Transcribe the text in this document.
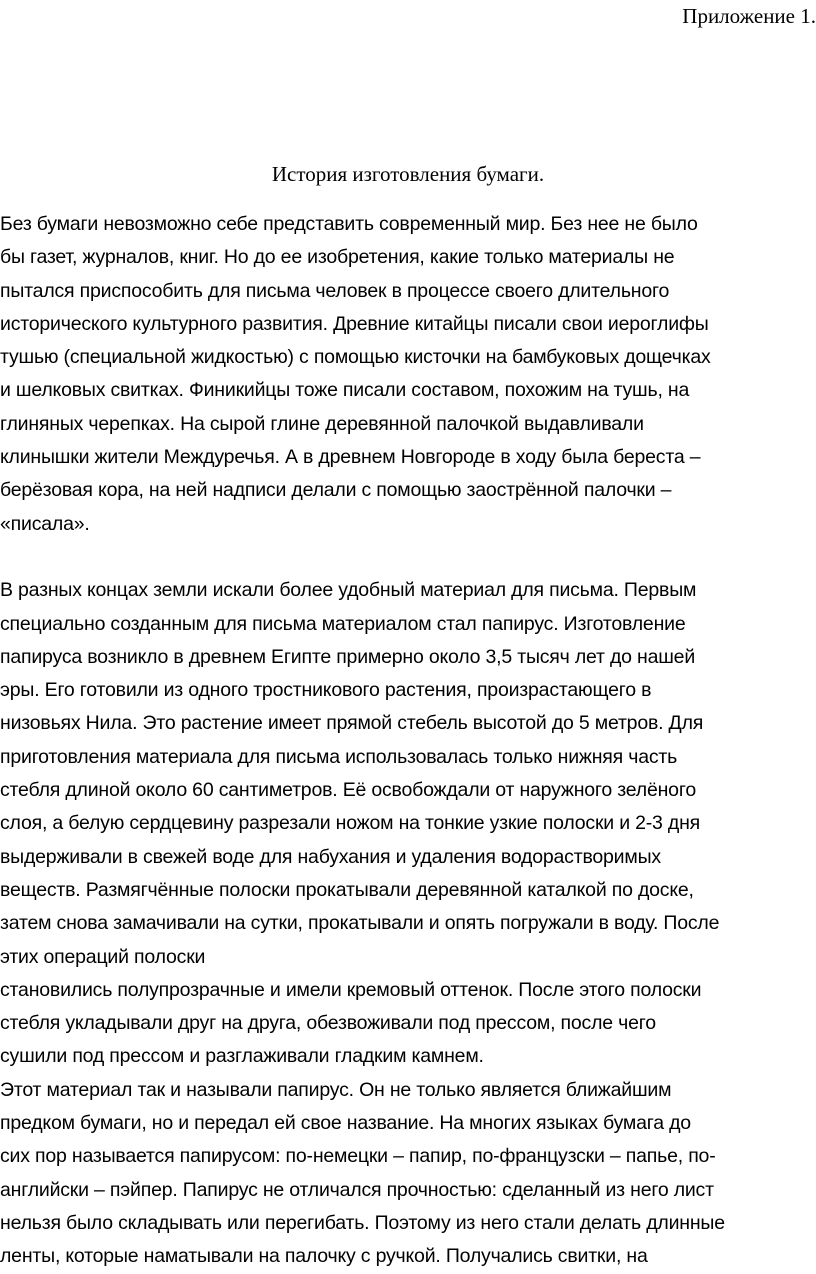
Приложение 1.
История изготовления бумаги.
Без бумаги невозможно себе представить современный мир. Без нее не было
бы газет, журналов, книг. Но до ее изобретения, какие только материалы не
пытался приспособить для письма человек в процессе своего длительного
исторического культурного развития. Древние китайцы писали свои иероглифы
тушью (специальной жидкостью) с помощью кисточки на бамбуковых дощечках
и шелковых свитках. Финикийцы тоже писали составом, похожим на тушь, на
глиняных черепках. На сырой глине деревянной палочкой выдавливали
клинышки жители Междуречья. А в древнем Новгороде в ходу была береста –
берёзовая кора, на ней надписи делали с помощью заострённой палочки –
«писала».
В разных концах земли искали более удобный материал для письма. Первым
специально созданным для письма материалом стал папирус. Изготовление
папируса возникло в древнем Египте примерно около 3,5 тысяч лет до нашей
эры. Его готовили из одного тростникового растения, произрастающего в
низовьях Нила. Это растение имеет прямой стебель высотой до 5 метров. Для
приготовления материала для письма использовалась только нижняя часть
стебля длиной около 60 сантиметров. Её освобождали от наружного зелёного
слоя, а белую сердцевину разрезали ножом на тонкие узкие полоски и 2-3 дня
выдерживали в свежей воде для набухания и удаления водорастворимых
веществ. Размягчённые полоски прокатывали деревянной каталкой по доске,
затем снова замачивали на сутки, прокатывали и опять погружали в воду. После
этих операций полоски
становились полупрозрачные и имели кремовый оттенок. После этого полоски
стебля укладывали друг на друга, обезвоживали под прессом, после чего
сушили под прессом и разглаживали гладким камнем.
Этот материал так и называли папирус. Он не только является ближайшим
предком бумаги, но и передал ей свое название. На многих языках бумага до
сих пор называется папирусом: по-немецки – папир, по-французски – папье, по-
английски – пэйпер. Папирус не отличался прочностью: сделанный из него лист
нельзя было складывать или перегибать. Поэтому из него стали делать длинные
ленты, которые наматывали на палочку с ручкой. Получались свитки, на
